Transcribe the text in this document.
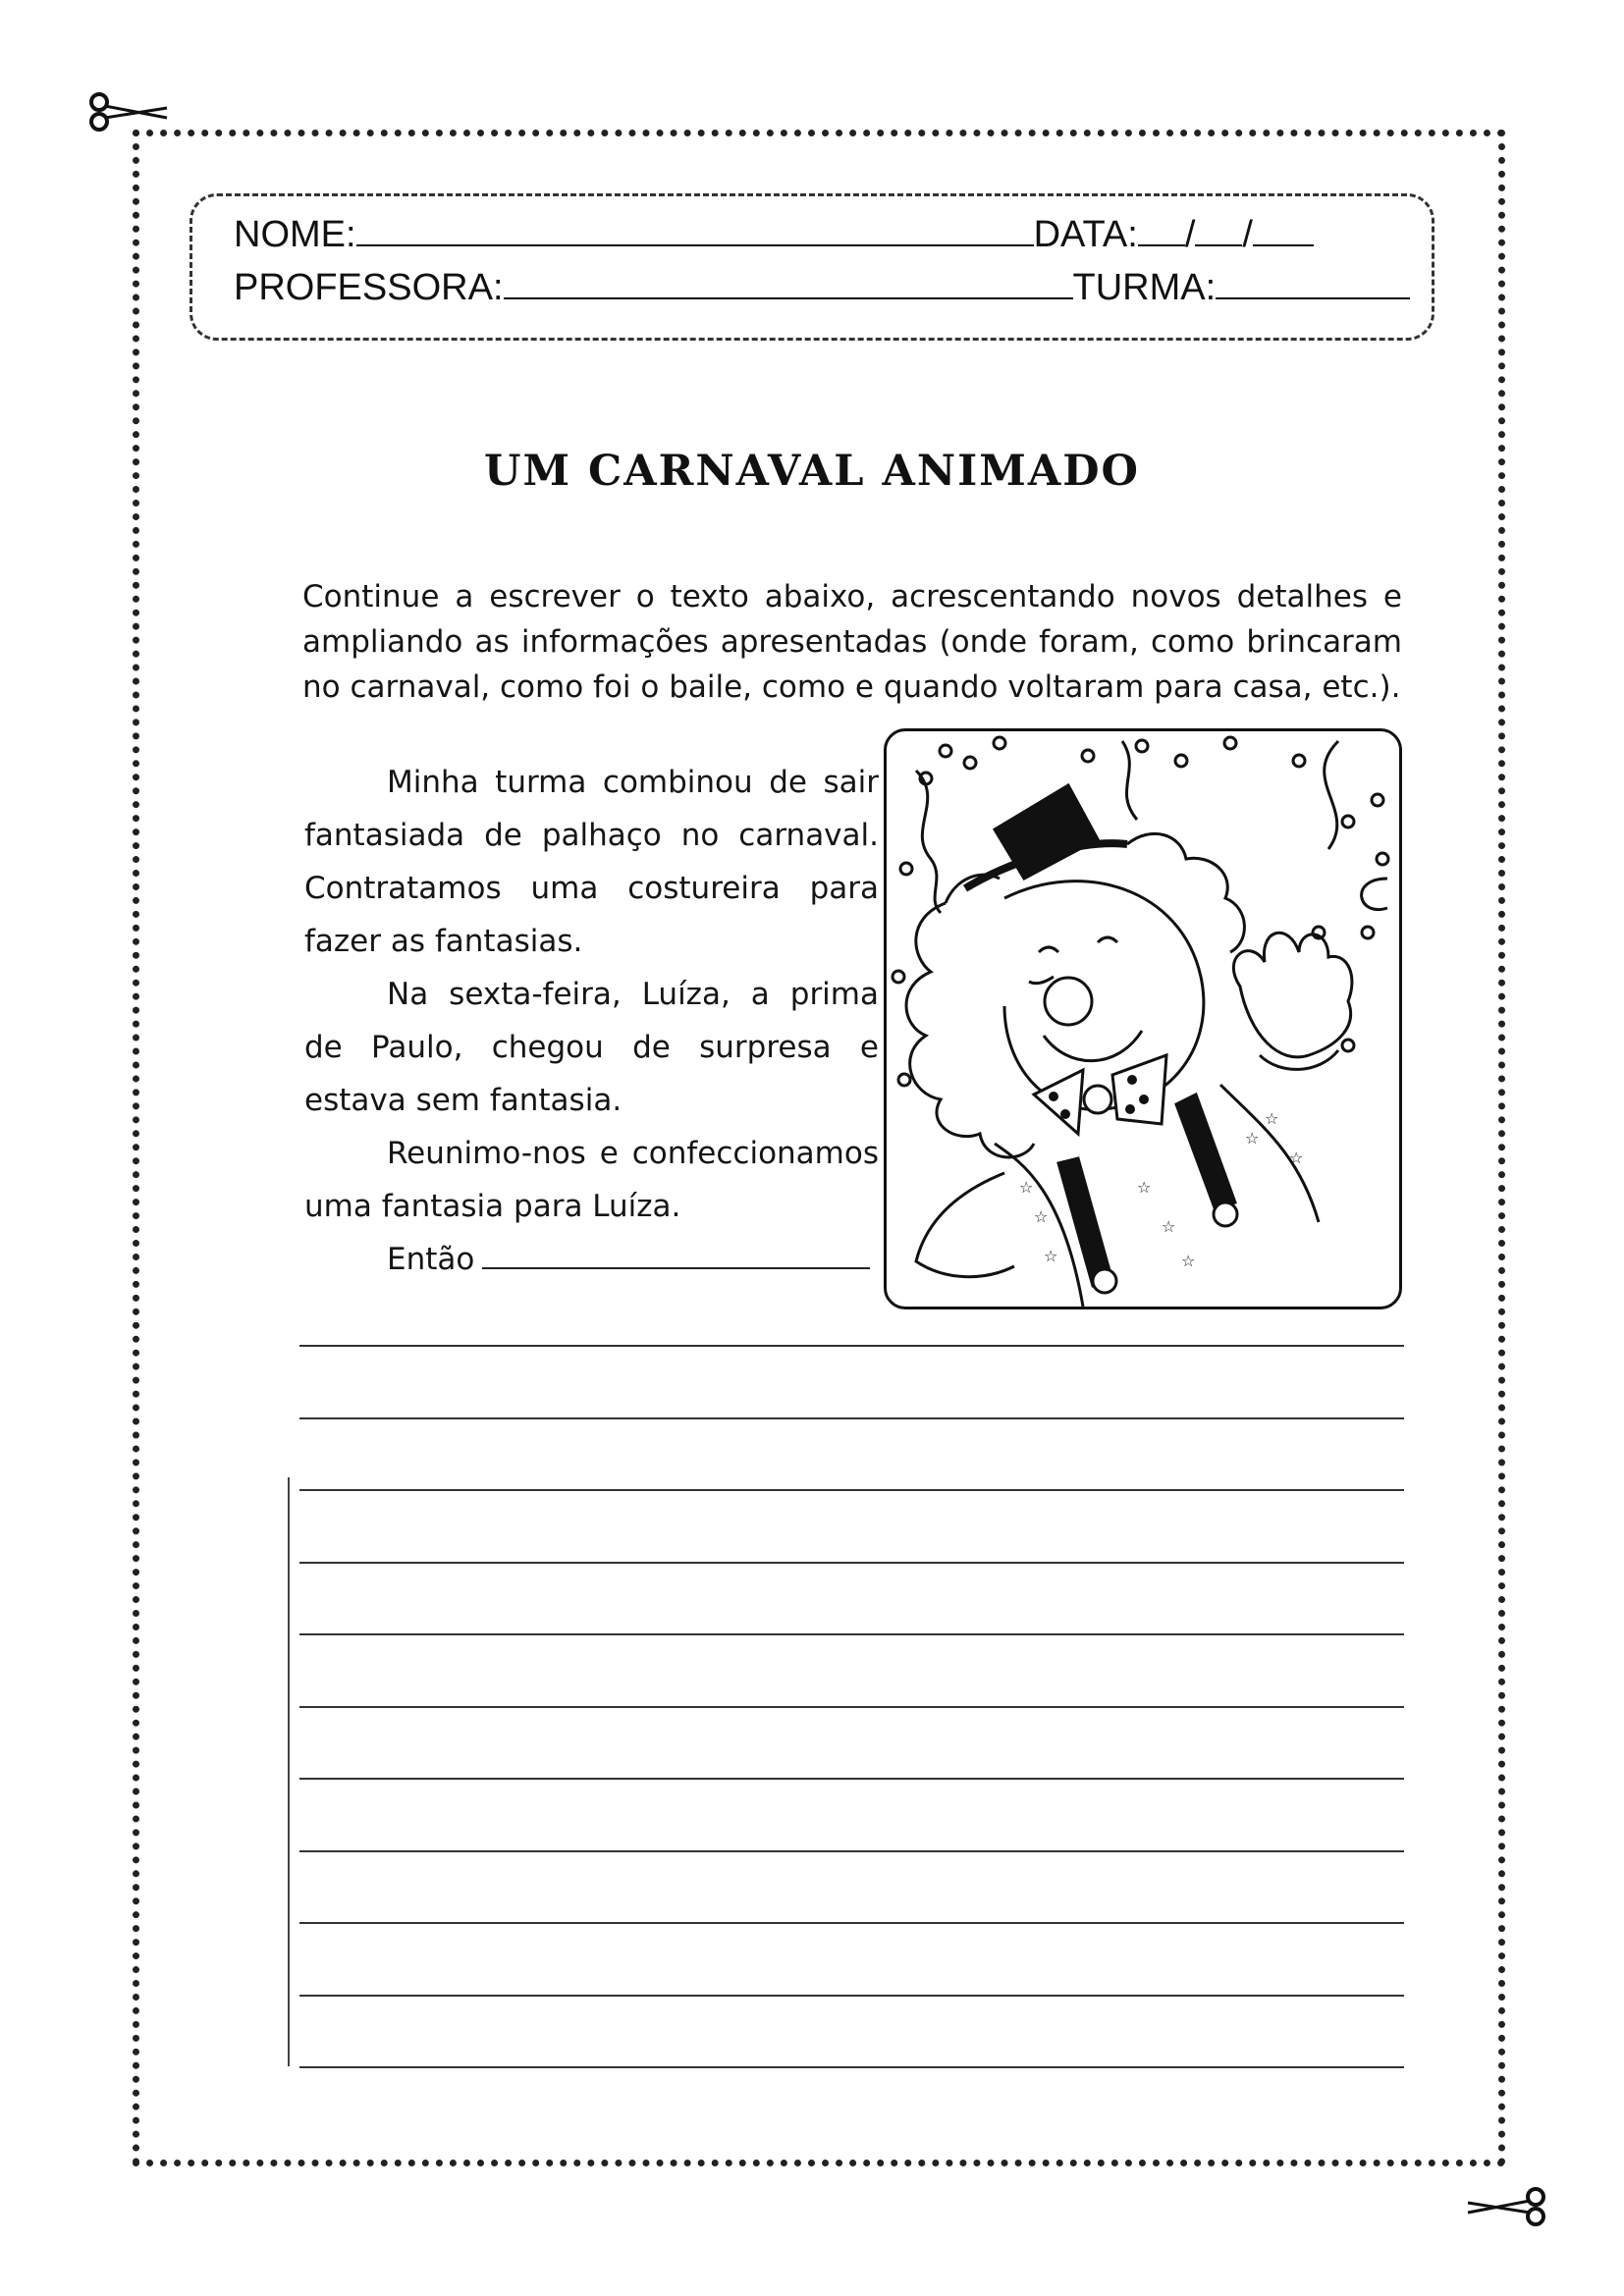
NOME:	DATA: / /
PROFESSORA:	TURMA:
UM CARNAVAL ANIMADO

Continue a escrever o texto abaixo, acrescentando novos detalhes e ampliando as informações apresentadas (onde foram, como brincaram no carnaval, como foi o baile, como e quando voltaram para casa, etc.).

Minha turma combinou de sair fantasiada de palhaço no carnaval. Contratamos uma costureira para fazer as fantasias.

Na sexta-feira, Luíza, a prima de Paulo, chegou de surpresa e estava sem fantasia.

Reunimo-nos e confeccionamos uma fantasia para Luíza.

Então
☆
☆
☆
☆
☆
☆
☆
☆
☆
